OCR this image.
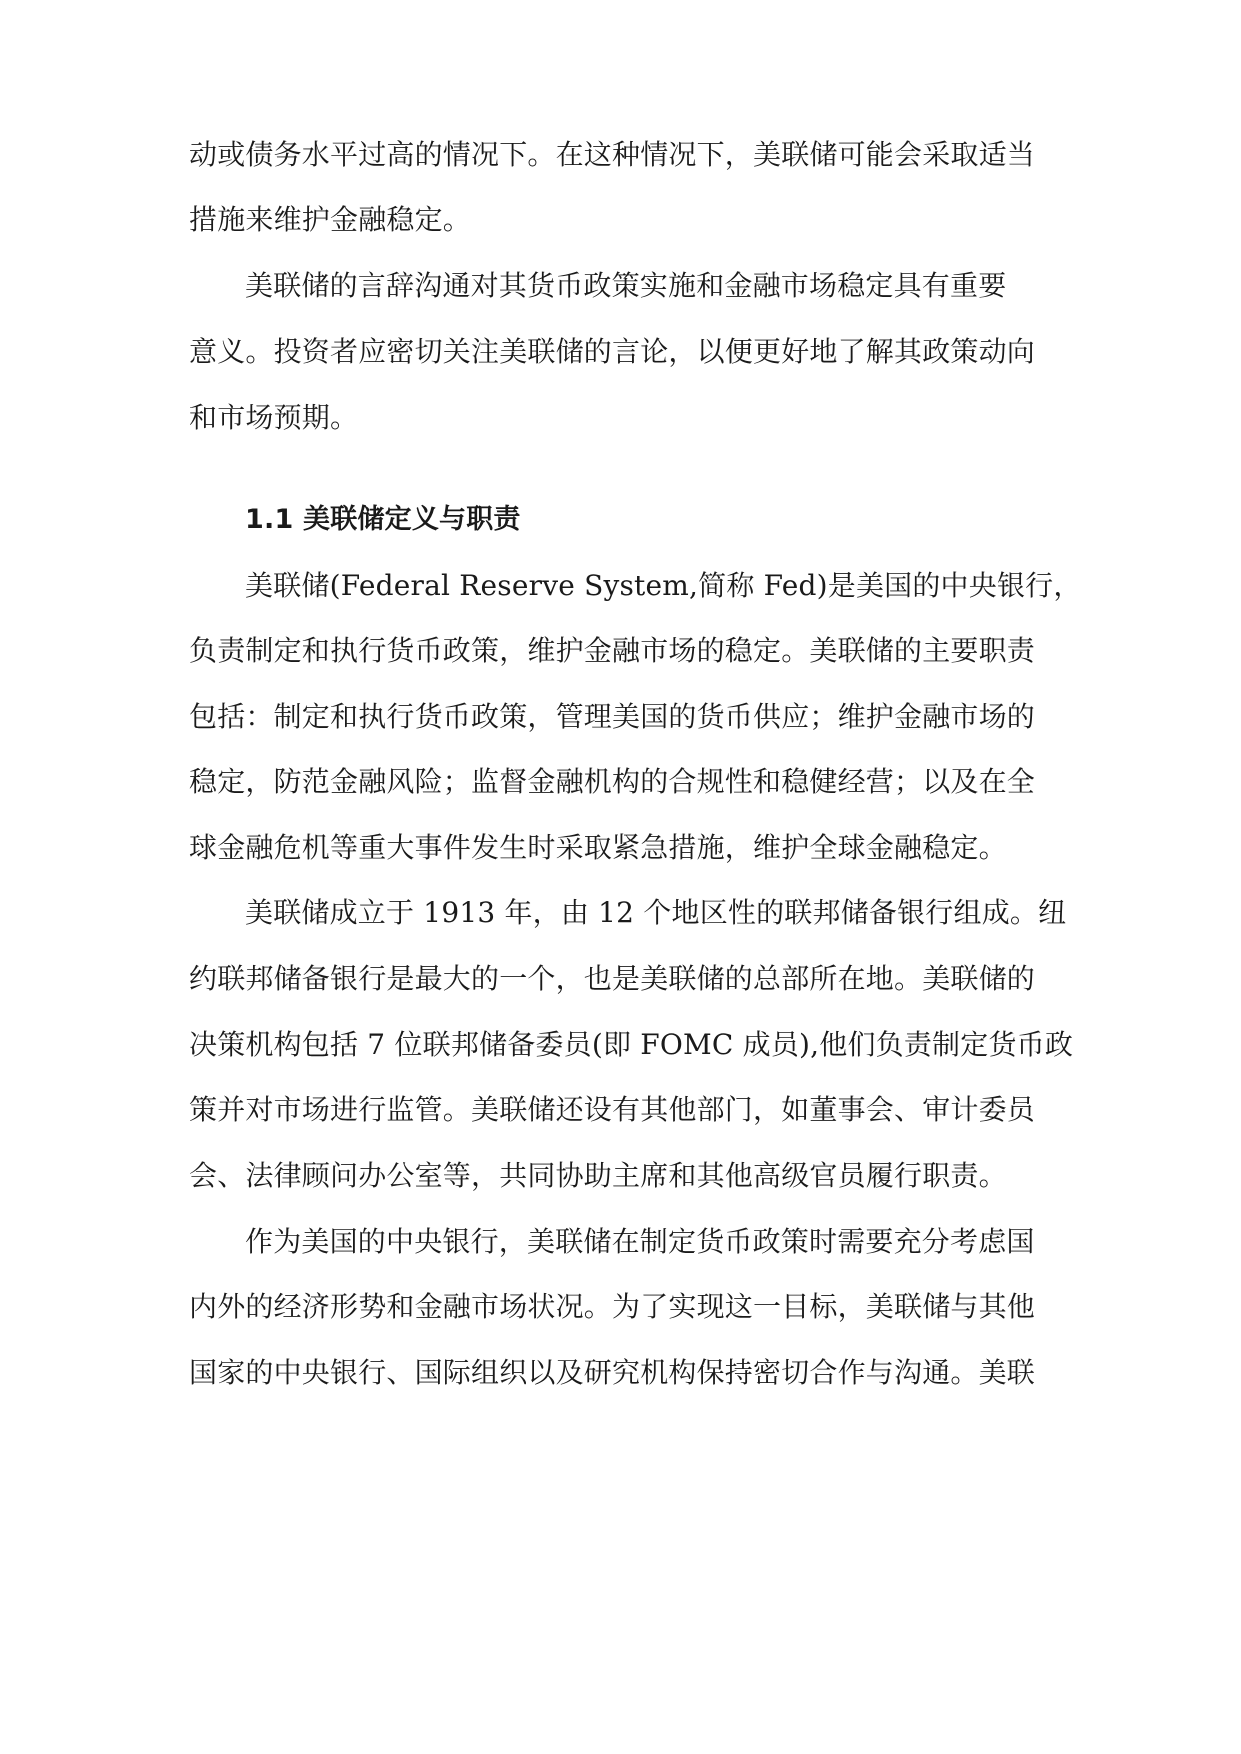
动或债务水平过高的情况下。在这种情况下，美联储可能会采取适当
措施来维护金融稳定。
美联储的言辞沟通对其货币政策实施和金融市场稳定具有重要
意义。投资者应密切关注美联储的言论，以便更好地了解其政策动向
和市场预期。
1.1 美联储定义与职责
美联储(Federal Reserve System,简称 Fed)是美国的中央银行，
负责制定和执行货币政策，维护金融市场的稳定。美联储的主要职责
包括：制定和执行货币政策，管理美国的货币供应；维护金融市场的
稳定，防范金融风险；监督金融机构的合规性和稳健经营；以及在全
球金融危机等重大事件发生时采取紧急措施，维护全球金融稳定。
美联储成立于 1913 年，由 12 个地区性的联邦储备银行组成。纽
约联邦储备银行是最大的一个，也是美联储的总部所在地。美联储的
决策机构包括 7 位联邦储备委员(即 FOMC 成员),他们负责制定货币政
策并对市场进行监管。美联储还设有其他部门，如董事会、审计委员
会、法律顾问办公室等，共同协助主席和其他高级官员履行职责。
作为美国的中央银行，美联储在制定货币政策时需要充分考虑国
内外的经济形势和金融市场状况。为了实现这一目标，美联储与其他
国家的中央银行、国际组织以及研究机构保持密切合作与沟通。美联
